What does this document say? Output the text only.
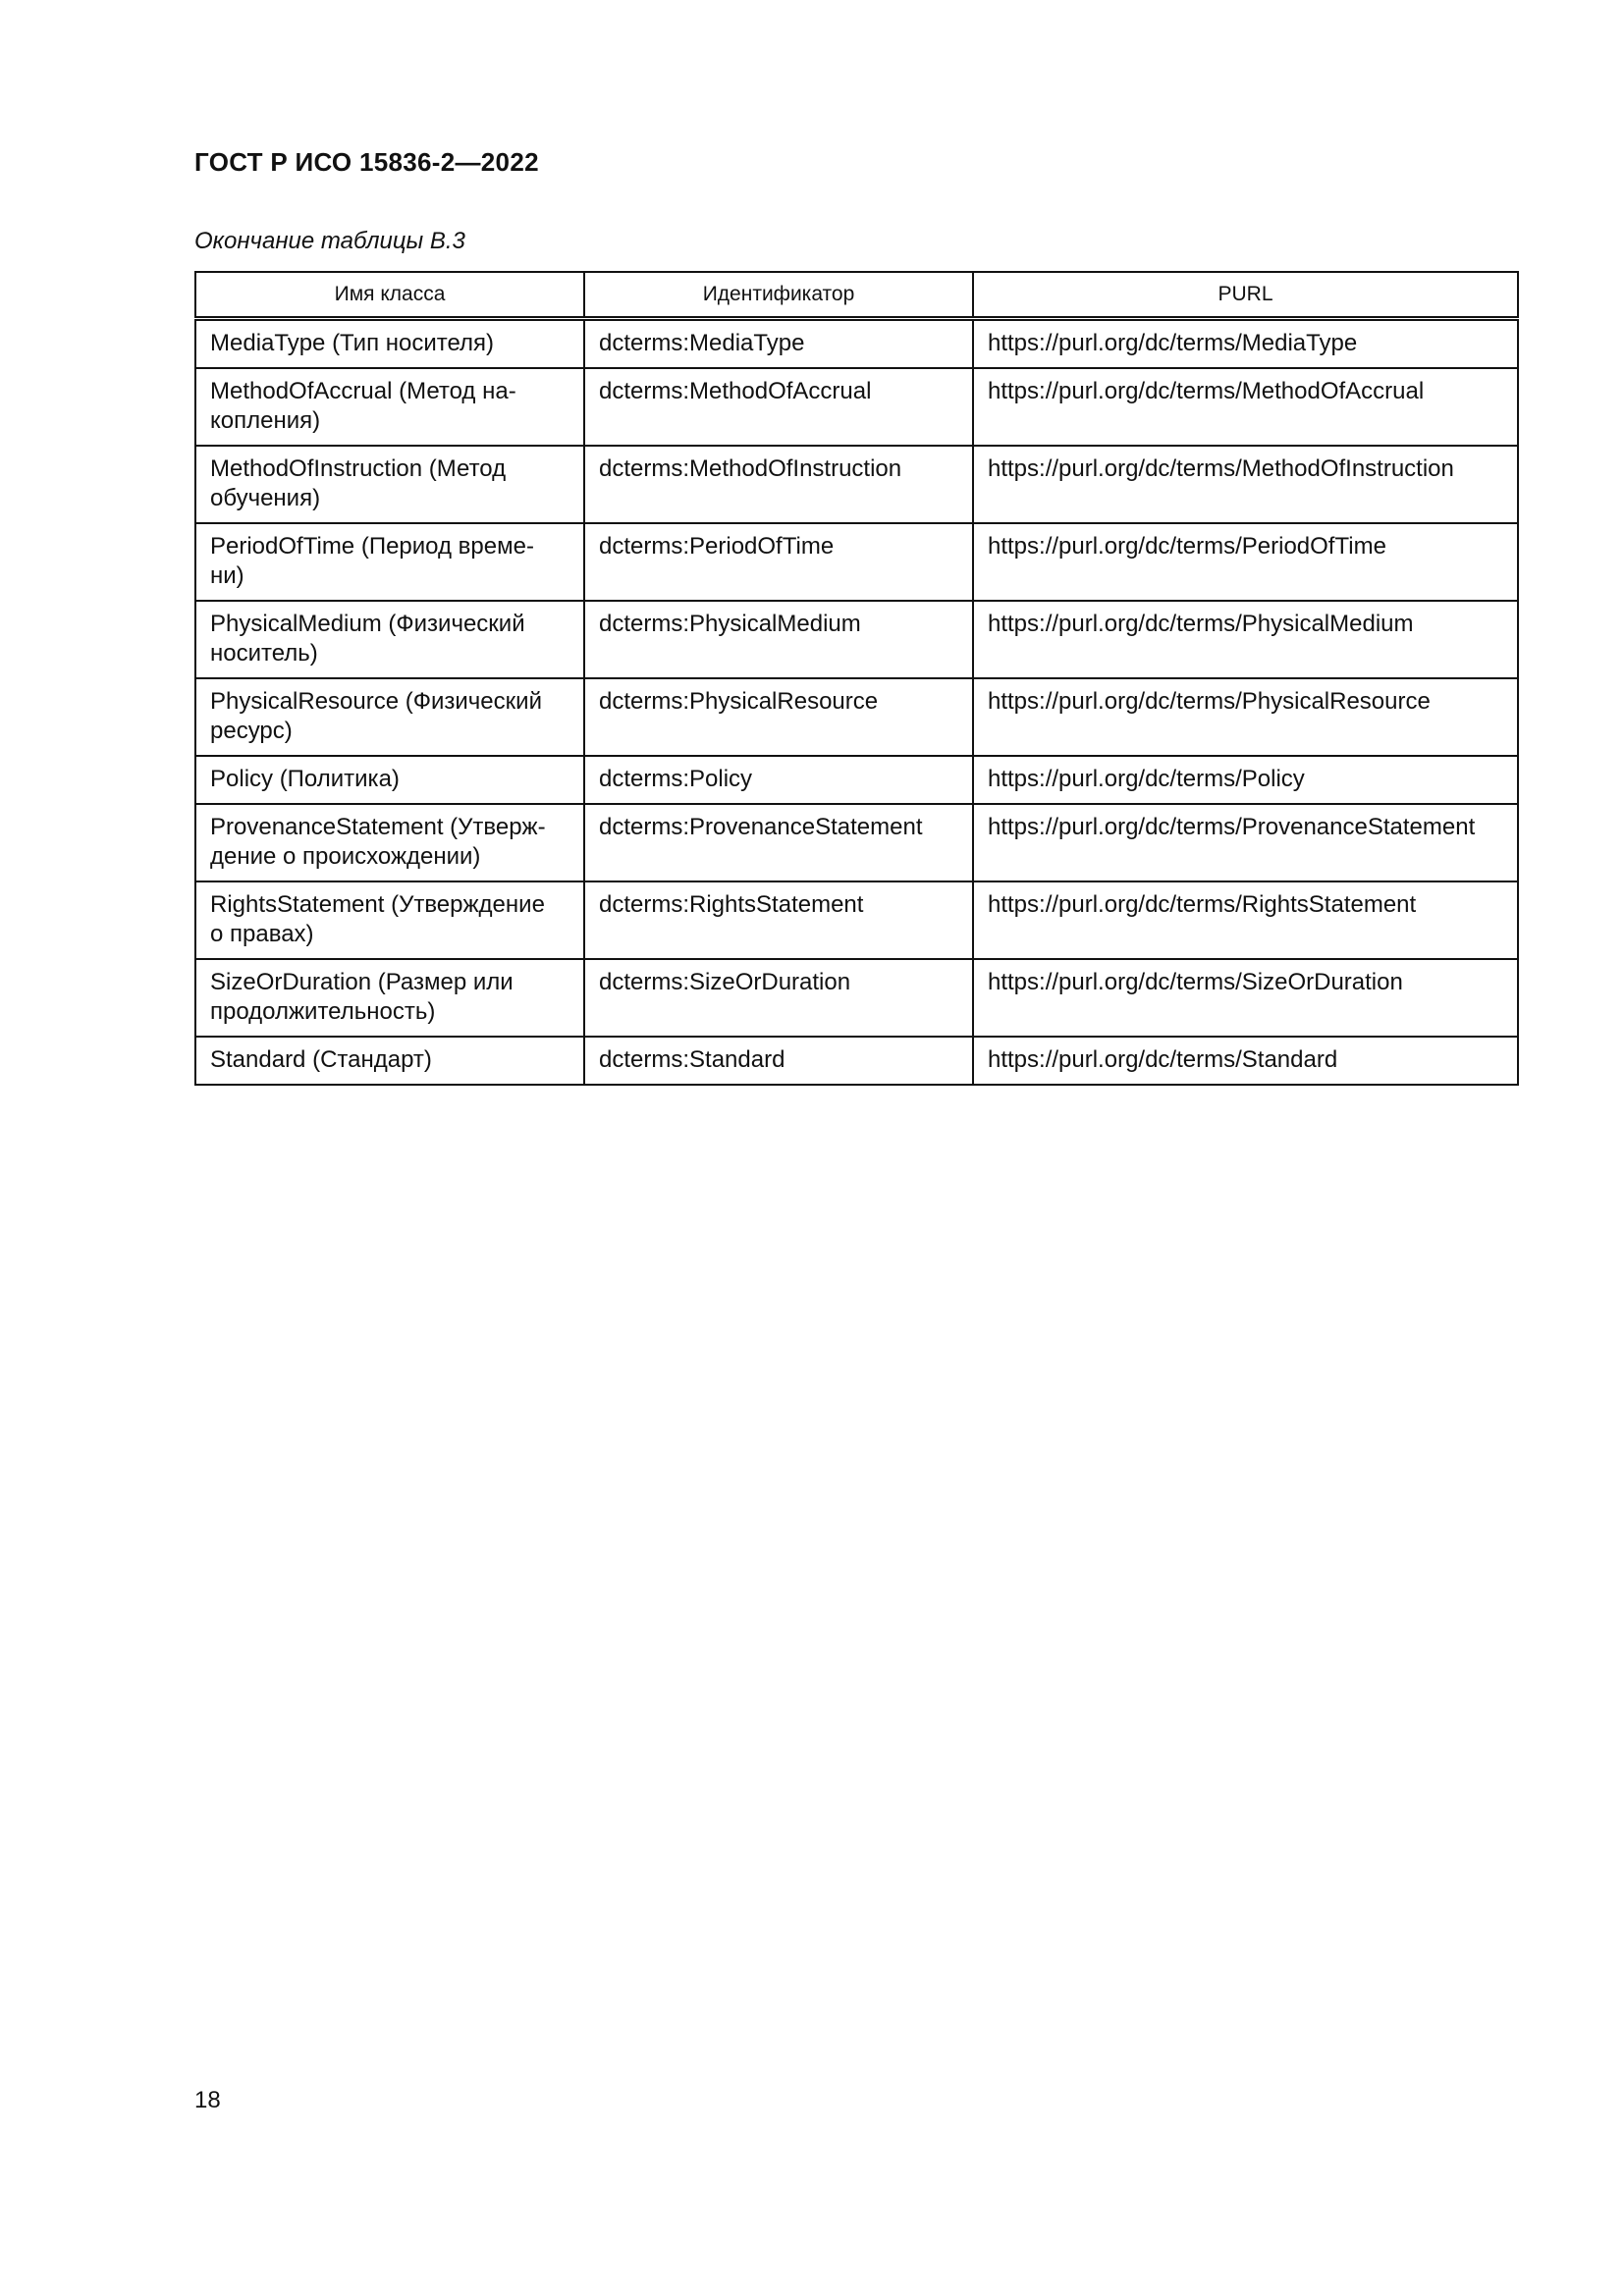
ГОСТ Р ИСО 15836-2—2022
Окончание таблицы В.3
Имя класса	Идентификатор	PURL
MediaType (Тип носителя)	dcterms:MediaType	https://purl.org/dc/terms/MediaType
MethodOfAccrual (Метод на-
копления)	dcterms:MethodOfAccrual	https://purl.org/dc/terms/MethodOfAccrual
MethodOfInstruction (Метод
обучения)	dcterms:MethodOfInstruction	https://purl.org/dc/terms/MethodOfInstruction
PeriodOfTime (Период време-
ни)	dcterms:PeriodOfTime	https://purl.org/dc/terms/PeriodOfTime
PhysicalMedium (Физический
носитель)	dcterms:PhysicalMedium	https://purl.org/dc/terms/PhysicalMedium
PhysicalResource (Физический
ресурс)	dcterms:PhysicalResource	https://purl.org/dc/terms/PhysicalResource
Policy (Политика)	dcterms:Policy	https://purl.org/dc/terms/Policy
ProvenanceStatement (Утверж-
дение о происхождении)	dcterms:ProvenanceStatement	https://purl.org/dc/terms/ProvenanceStatement
RightsStatement (Утверждение
о правах)	dcterms:RightsStatement	https://purl.org/dc/terms/RightsStatement
SizeOrDuration (Размер или
продолжительность)	dcterms:SizeOrDuration	https://purl.org/dc/terms/SizeOrDuration
Standard (Стандарт)	dcterms:Standard	https://purl.org/dc/terms/Standard
18
